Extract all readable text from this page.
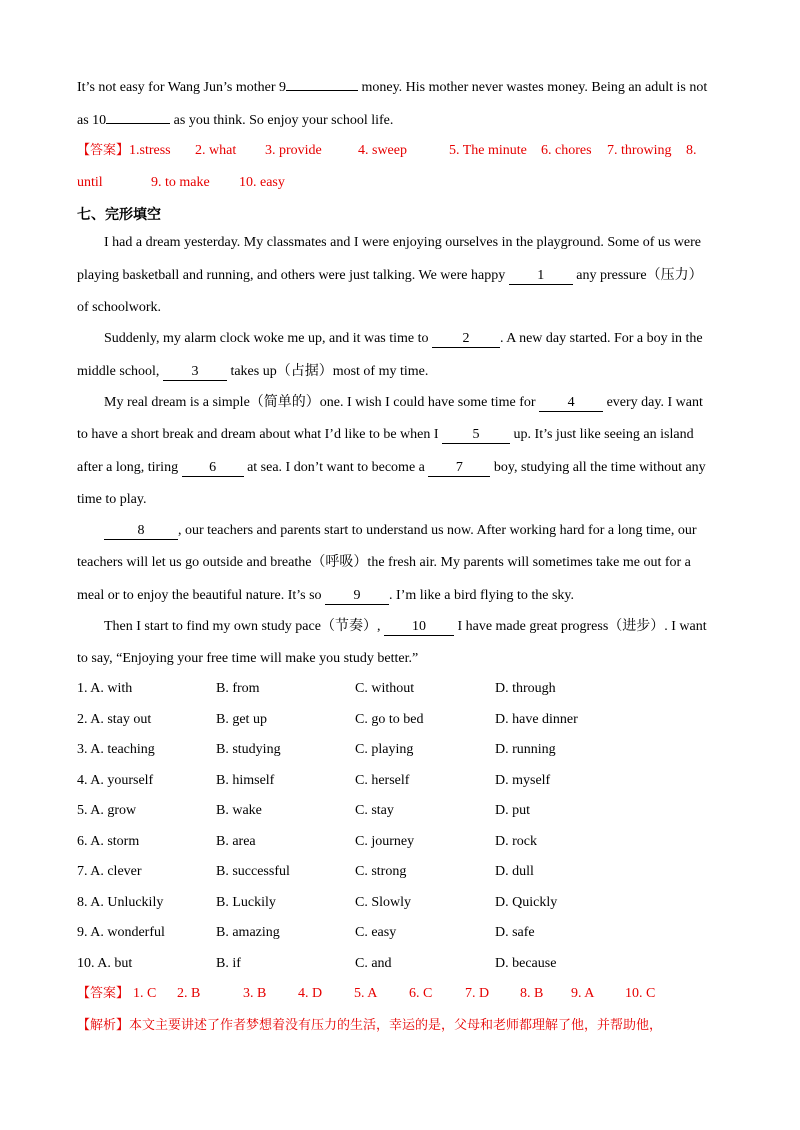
It’s not easy for Wang Jun’s mother 9	money. His mother never wastes money. Being an adult is not
as 10	as you think. So enjoy your school life.
【答案】1.stress 2. what 3. provide	4. sweep	5. The minute 6. chores 7. throwing 8.
until	9. to make 10. easy
七、完形填空
I had a dream yesterday. My classmates and I were enjoying ourselves in the playground. Some of us were
playing basketball and running, and others were just talking. We were happy 1 any pressure（压力）
of schoolwork.
Suddenly, my alarm clock woke me up, and it was time to 2 . A new day started. For a boy in the
middle school, 3 takes up（占据）most of my time.
My real dream is a simple（简单的）one. I wish I could have some time for 4 every day. I want
to have a short break and dream about what I’d like to be when I 5 up. It’s just like seeing an island
after a long, tiring 6 at sea. I don’t want to become a 7 boy, studying all the time without any
time to play.
8 , our teachers and parents start to understand us now. After working hard for a long time, our
teachers will let us go outside and breathe（呼吸）the fresh air. My parents will sometimes take me out for a
meal or to enjoy the beautiful nature. It’s so 9 . I’m like a bird flying to the sky.
Then I start to find my own study pace（节奏）, 10 I have made great progress（进步）. I want
to say, “Enjoying your free time will make you study better.”
1. A. with	B. from	C. without	D. through
2. A. stay out	B. get up	C. go to bed	D. have dinner
3. A. teaching	B. studying	C. playing	D. running
4. A. yourself	B. himself	C. herself	D. myself
5. A. grow	B. wake	C. stay	D. put
6. A. storm	B. area	C. journey	D. rock
7. A. clever	B. successful	C. strong	D. dull
8. A. Unluckily	B. Luckily	C. Slowly	D. Quickly
9. A. wonderful	B. amazing	C. easy	D. safe
10. A. but	B. if	C. and	D. because
【答案】 1. C 2. B	3. B 4. D 5. A 6. C 7. D 8. B 9. A 10. C
【解析】本文主要讲述了作者梦想着没有压力的生活，幸运的是，父母和老师都理解了他，并帮助他，
